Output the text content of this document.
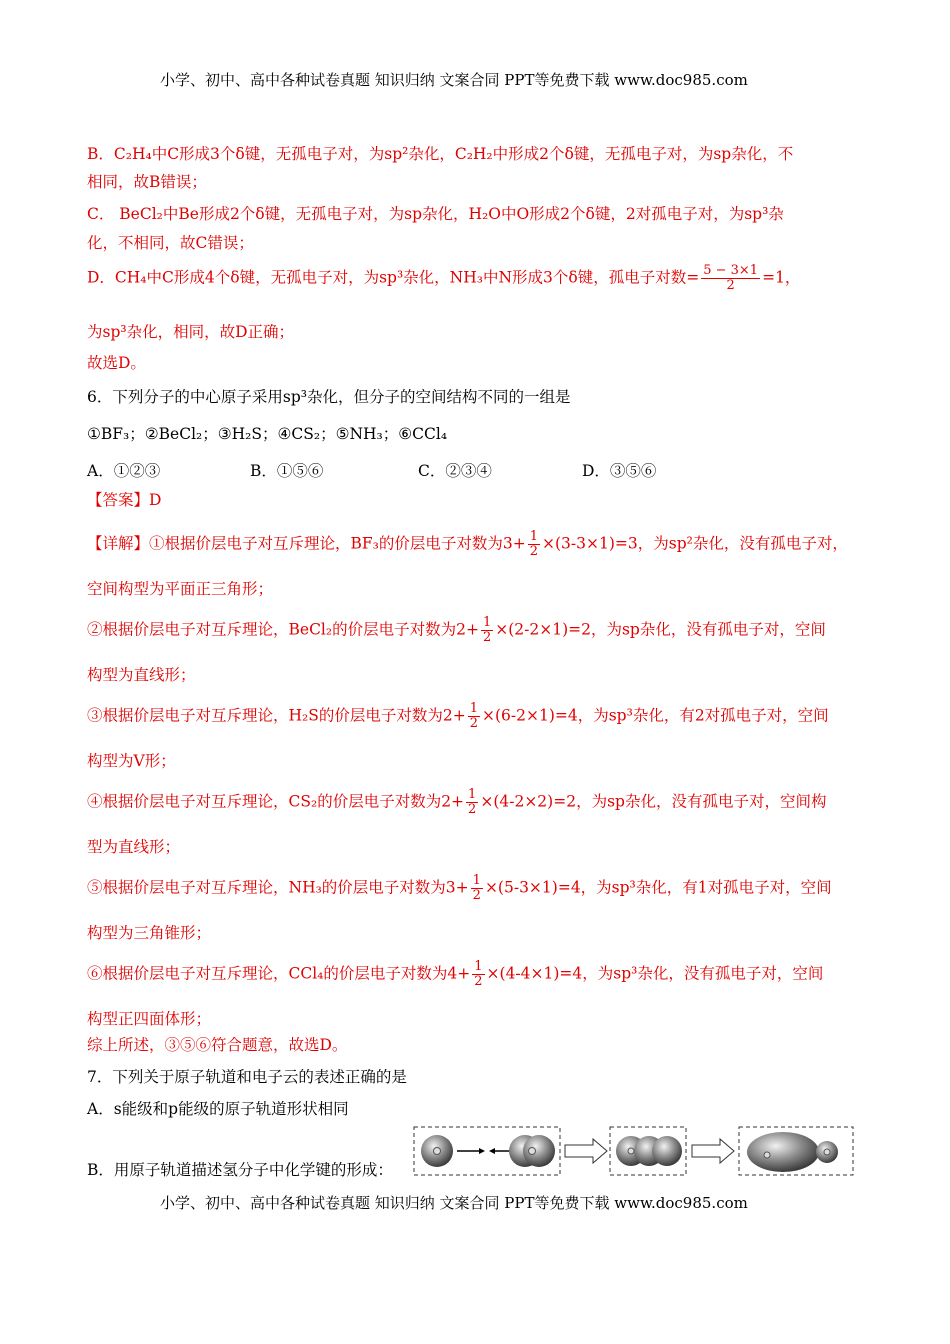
小学、初中、高中各种试卷真题 知识归纳 文案合同 PPT等免费下载 www.doc985.com
B．C₂H₄中C形成3个δ键，无孤电子对，为sp²杂化，C₂H₂中形成2个δ键，无孤电子对，为sp杂化，不
相同，故B错误；
C． BeCl₂中Be形成2个δ键，无孤电子对，为sp杂化，H₂O中O形成2个δ键，2对孤电子对，为sp³杂
化，不相同，故C错误；
D．CH₄中C形成4个δ键，无孤电子对，为sp³杂化，NH₃中N形成3个δ键，孤电子对数= $\frac{5 - 3\times 1}{2} =1$，
为sp³杂化，相同，故D正确；
故选D。
6．下列分子的中心原子采用sp³杂化，但分子的空间结构不同的一组是
①BF₃；②BeCl₂；③H₂S；④CS₂；⑤NH₃；⑥CCl₄
A．①②③	B．①⑤⑥	C．②③④	D．③⑤⑥
【答案】D
【详解】①根据价层电子对互斥理论，BF₃的价层电子对数为$3+ \frac{1}{2} \times(3-3\times 1)=3$，为sp²杂化，没有孤电子对，
空间构型为平面正三角形；
②根据价层电子对互斥理论，BeCl₂的价层电子对数为$2+ \frac{1}{2} \times(2-2\times 1)=2$，为sp杂化，没有孤电子对，空间
构型为直线形；
③根据价层电子对互斥理论，H₂S的价层电子对数为$2+ \frac{1}{2} \times(6-2\times 1)=4$，为sp³杂化，有2对孤电子对，空间
构型为V形；
④根据价层电子对互斥理论，CS₂的价层电子对数为$2+ \frac{1}{2} \times(4-2\times 2)=2$，为sp杂化，没有孤电子对，空间构
型为直线形；
⑤根据价层电子对互斥理论，NH₃的价层电子对数为$3+ \frac{1}{2} \times(5-3\times 1)=4$，为sp³杂化，有1对孤电子对，空间
构型为三角锥形；
⑥根据价层电子对互斥理论，CCl₄的价层电子对数为$4+ \frac{1}{2} \times(4-4\times 1)=4$，为sp³杂化，没有孤电子对，空间
构型正四面体形；
综上所述，③⑤⑥符合题意，故选D。
7．下列关于原子轨道和电子云的表述正确的是
A．s能级和p能级的原子轨道形状相同
B．用原子轨道描述氢分子中化学键的形成：
小学、初中、高中各种试卷真题 知识归纳 文案合同 PPT等免费下载 www.doc985.com
